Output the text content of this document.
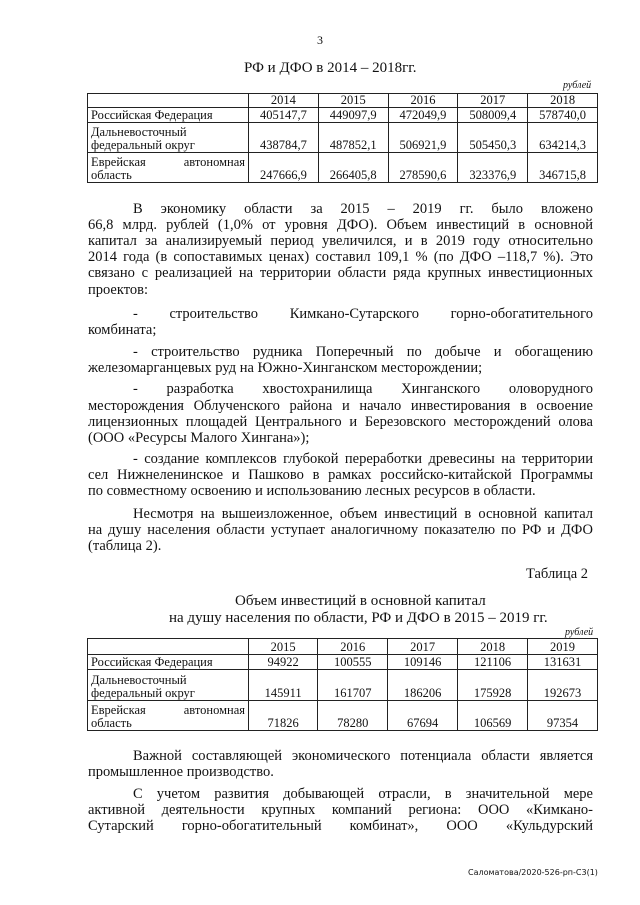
3
РФ и ДФО в 2014 – 2018гг.
рублей
	2014	2015	2016	2017	2018
Российская Федерация	405147,7	449097,9	472049,9	508009,4	578740,0

Дальневосточный
федеральный округ	438784,7	487852,1	506921,9	505450,3	634214,3

Еврейская автономная
область	247666,9	266405,8	278590,6	323376,9	346715,8
В экономику области за 2015 – 2019 гг. было вложено
66,8 млрд. рублей (1,0% от уровня ДФО). Объем инвестиций в основной
капитал за анализируемый период увеличился, и в 2019 году относительно
2014 года (в сопоставимых ценах) составил 109,1 % (по ДФО –118,7 %). Это
связано с реализацией на территории области ряда крупных инвестиционных
проектов:
- строительство Кимкано-Сутарского горно-обогатительного
комбината;
- строительство рудника Поперечный по добыче и обогащению
железомарганцевых руд на Южно-Хинганском месторождении;
- разработка хвостохранилища Хинганского оловорудного
месторождения Облученского района и начало инвестирования в освоение
лицензионных площадей Центрального и Березовского месторождений олова
(ООО «Ресурсы Малого Хингана»);
- создание комплексов глубокой переработки древесины на территории
сел Нижнеленинское и Пашково в рамках российско-китайской Программы
по совместному освоению и использованию лесных ресурсов в области.
Несмотря на вышеизложенное, объем инвестиций в основной капитал
на душу населения области уступает аналогичному показателю по РФ и ДФО
(таблица 2).
Таблица 2
Объем инвестиций в основной капитал
на душу населения по области, РФ и ДФО в 2015 – 2019 гг.
рублей
	2015	2016	2017	2018	2019
Российская Федерация	94922	100555	109146	121106	131631

Дальневосточный
федеральный округ	145911	161707	186206	175928	192673

Еврейская автономная
область	71826	78280	67694	106569	97354
Важной составляющей экономического потенциала области является
промышленное производство.
С учетом развития добывающей отрасли, в значительной мере
активной деятельности крупных компаний региона: ООО «Кимкано-
Сутарский горно-обогатительный комбинат», ООО «Кульдурский
Саломатова/2020-526-рп-С3(1)
